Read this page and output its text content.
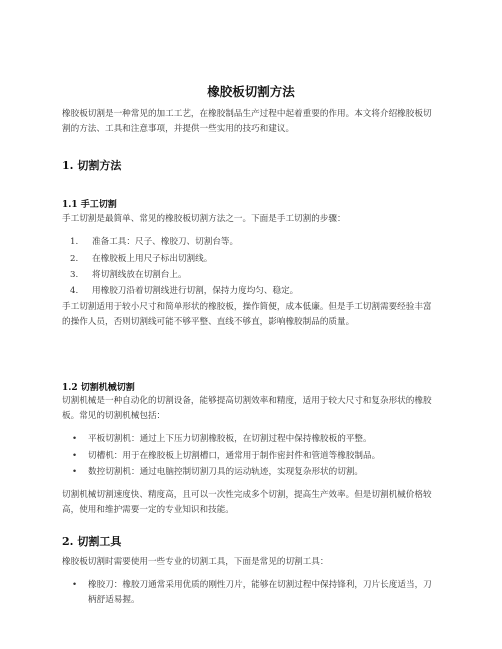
橡胶板切割方法
橡胶板切割是一种常见的加工工艺，在橡胶制品生产过程中起着重要的作用。本文将介绍橡胶板切割的方法、工具和注意事项，并提供一些实用的技巧和建议。
1. 切割方法
1.1 手工切割
手工切割是最简单、常见的橡胶板切割方法之一。下面是手工切割的步骤：
1. 准备工具：尺子、橡胶刀、切割台等。
2. 在橡胶板上用尺子标出切割线。
3. 将切割线放在切割台上。
4. 用橡胶刀沿着切割线进行切割，保持力度均匀、稳定。
手工切割适用于较小尺寸和简单形状的橡胶板，操作简便，成本低廉。但是手工切割需要经验丰富的操作人员，否则切割线可能不够平整、直线不够直，影响橡胶制品的质量。
1.2 切割机械切割
切割机械是一种自动化的切割设备，能够提高切割效率和精度，适用于较大尺寸和复杂形状的橡胶板。常见的切割机械包括：
• 平板切割机：通过上下压力切割橡胶板，在切割过程中保持橡胶板的平整。
• 切槽机：用于在橡胶板上切割槽口，通常用于制作密封件和管道等橡胶制品。
• 数控切割机：通过电脑控制切割刀具的运动轨迹，实现复杂形状的切割。
切割机械切割速度快、精度高，且可以一次性完成多个切割，提高生产效率。但是切割机械价格较高，使用和维护需要一定的专业知识和技能。
2. 切割工具
橡胶板切割时需要使用一些专业的切割工具，下面是常见的切割工具：
• 橡胶刀：橡胶刀通常采用优质的刚性刀片，能够在切割过程中保持锋利，刀片长度适当，刀柄舒适易握。
